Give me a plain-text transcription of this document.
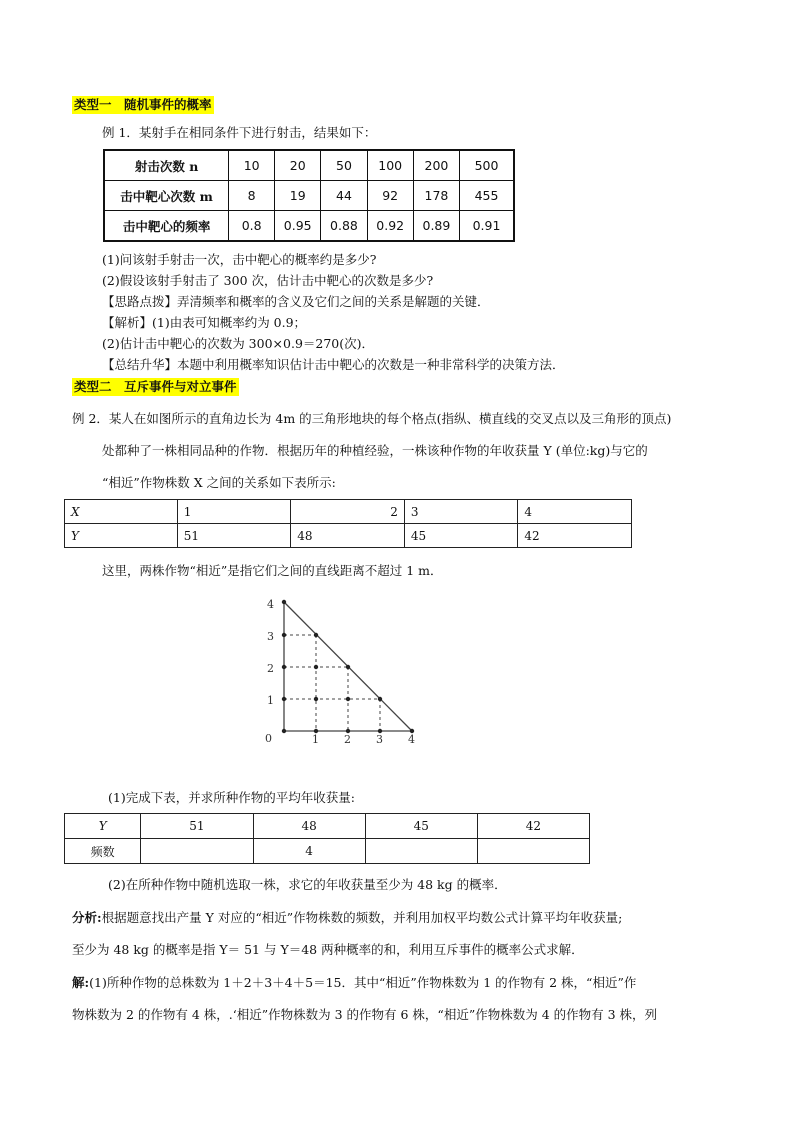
类型一　随机事件的概率
例 1．某射手在相同条件下进行射击，结果如下：
射击次数 n	10	20	50	100	200	500
击中靶心次数 m	8	19	44	92	178	455
击中靶心的频率	0.8	0.95	0.88	0.92	0.89	0.91
(1)问该射手射击一次，击中靶心的概率约是多少?
(2)假设该射手射击了 300 次，估计击中靶心的次数是多少?
【思路点拨】弄清频率和概率的含义及它们之间的关系是解题的关键．
【解析】(1)由表可知概率约为 0.9；
(2)估计击中靶心的次数为 300×0.9＝270(次)．
【总结升华】本题中利用概率知识估计击中靶心的次数是一种非常科学的决策方法．
类型二　互斥事件与对立事件
例 2．某人在如图所示的直角边长为 4m 的三角形地块的每个格点(指纵、横直线的交叉点以及三角形的顶点)
处都种了一株相同品种的作物．根据历年的种植经验，一株该种作物的年收获量 Y (单位:kg)与它的
“相近”作物株数 X 之间的关系如下表所示:
X	1	2	3	4
Y	51	48	45	42
这里，两株作物“相近”是指它们之间的直线距离不超过 1 m．
4
3
2
1
0	1 2 3 4
(1)完成下表，并求所种作物的平均年收获量:
Y	51	48	45	42
频数		4		
(2)在所种作物中随机选取一株，求它的年收获量至少为 48 kg 的概率．
分析:根据题意找出产量 Y 对应的“相近”作物株数的频数，并利用加权平均数公式计算平均年收获量;
至少为 48 kg 的概率是指 Y＝ 51 与 Y＝48 两种概率的和，利用互斥事件的概率公式求解．
解:(1)所种作物的总株数为 1＋2＋3＋4＋5＝15．其中“相近”作物株数为 1 的作物有 2 株，“相近”作
物株数为 2 的作物有 4 株，.‘相近”作物株数为 3 的作物有 6 株，“相近”作物株数为 4 的作物有 3 株，列
